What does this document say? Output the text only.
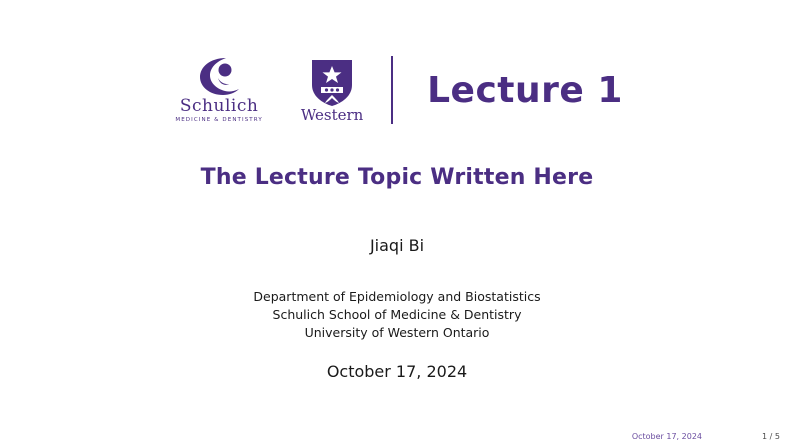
Schulich
MEDICINE & DENTISTRY	Western
Lecture 1
The Lecture Topic Written Here
Jiaqi Bi
Department of Epidemiology and Biostatistics
Schulich School of Medicine & Dentistry
University of Western Ontario
October 17, 2024
October 17, 2024	1 / 5
